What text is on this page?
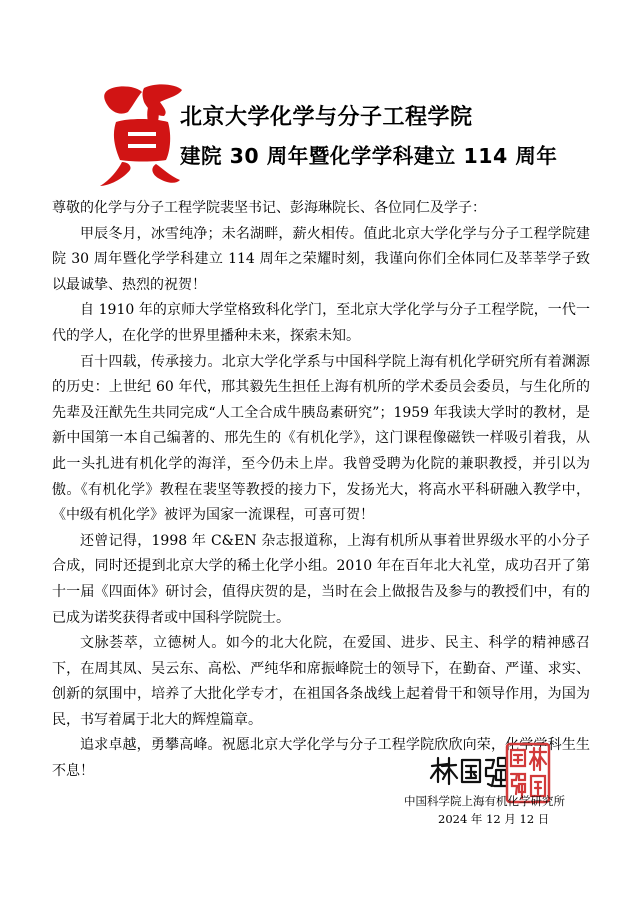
北京大学化学与分子工程学院
建院 30 周年暨化学学科建立 114 周年

尊敬的化学与分子工程学院裴坚书记、彭海琳院长、各位同仁及学子：

甲辰冬月，冰雪纯净；未名湖畔，薪火相传。值此北京大学化学与分子工程学院建院 30 周年暨化学学科建立 114 周年之荣耀时刻，我谨向你们全体同仁及莘莘学子致以最诚挚、热烈的祝贺！

自 1910 年的京师大学堂格致科化学门，至北京大学化学与分子工程学院，一代一代的学人，在化学的世界里播种未来，探索未知。

百十四载，传承接力。北京大学化学系与中国科学院上海有机化学研究所有着渊源的历史：上世纪 60 年代，邢其毅先生担任上海有机所的学术委员会委员，与生化所的先辈及汪猷先生共同完成“人工全合成牛胰岛素研究”；1959 年我读大学时的教材，是新中国第一本自己编著的、邢先生的《有机化学》，这门课程像磁铁一样吸引着我，从此一头扎进有机化学的海洋，至今仍未上岸。我曾受聘为化院的兼职教授，并引以为傲。《有机化学》教程在裴坚等教授的接力下，发扬光大，将高水平科研融入教学中，《中级有机化学》被评为国家一流课程，可喜可贺！

还曾记得，1998 年 C&EN 杂志报道称，上海有机所从事着世界级水平的小分子合成，同时还提到北京大学的稀土化学小组。2010 年在百年北大礼堂，成功召开了第十一届《四面体》研讨会，值得庆贺的是，当时在会上做报告及参与的教授们中，有的已成为诺奖获得者或中国科学院院士。

文脉荟萃，立德树人。如今的北大化院，在爱国、进步、民主、科学的精神感召下，在周其凤、吴云东、高松、严纯华和席振峰院士的领导下，在勤奋、严谨、求实、创新的氛围中，培养了大批化学专才，在祖国各条战线上起着骨干和领导作用，为国为民，书写着属于北大的辉煌篇章。

追求卓越，勇攀高峰。祝愿北京大学化学与分子工程学院欣欣向荣，化学学科生生不息！

中国科学院上海有机化学研究所
2024 年 12 月 12 日
